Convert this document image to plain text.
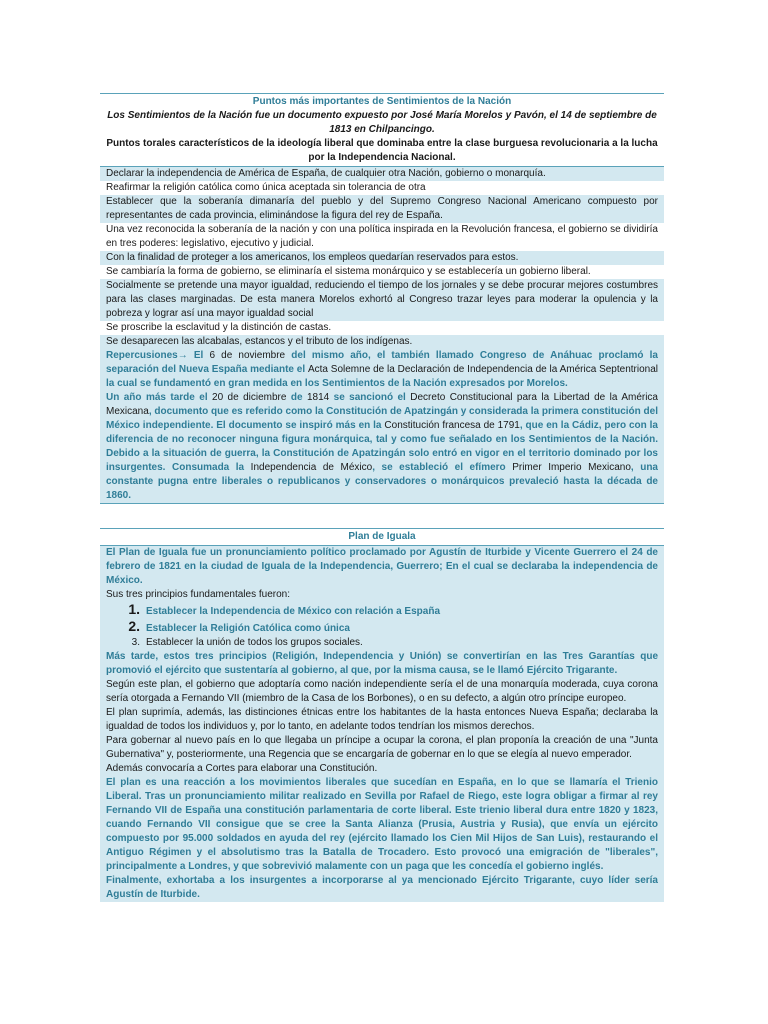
Puntos más importantes de Sentimientos de la Nación
Los Sentimientos de la Nación fue un documento expuesto por José María Morelos y Pavón, el 14 de septiembre de 1813 en Chilpancingo.
Puntos torales característicos de la ideología liberal que dominaba entre la clase burguesa revolucionaria a la lucha por la Independencia Nacional.
Declarar la independencia de América de España, de cualquier otra Nación, gobierno o monarquía.
Reafirmar la religión católica como única aceptada sin tolerancia de otra
Establecer que la soberanía dimanaría del pueblo y del Supremo Congreso Nacional Americano compuesto por representantes de cada provincia, eliminándose la figura del rey de España.
Una vez reconocida la soberanía de la nación y con una política inspirada en la Revolución francesa, el gobierno se dividiría en tres poderes: legislativo, ejecutivo y judicial.
Con la finalidad de proteger a los americanos, los empleos quedarían reservados para estos.
Se cambiaría la forma de gobierno, se eliminaría el sistema monárquico y se establecería un gobierno liberal.
Socialmente se pretende una mayor igualdad, reduciendo el tiempo de los jornales y se debe procurar mejores costumbres para las clases marginadas. De esta manera Morelos exhortó al Congreso trazar leyes para moderar la opulencia y la pobreza y lograr así una mayor igualdad social
Se proscribe la esclavitud y la distinción de castas.
Se desaparecen las alcabalas, estancos y el tributo de los indígenas.
Repercusiones→ El 6 de noviembre del mismo año, el también llamado Congreso de Anáhuac proclamó la separación del Nueva España mediante el Acta Solemne de la Declaración de Independencia de la América Septentrional la cual se fundamentó en gran medida en los Sentimientos de la Nación expresados por Morelos.
Un año más tarde el 20 de diciembre de 1814 se sancionó el Decreto Constitucional para la Libertad de la América Mexicana, documento que es referido como la Constitución de Apatzingán y considerada la primera constitución del México independiente. El documento se inspiró más en la Constitución francesa de 1791, que en la Cádiz, pero con la diferencia de no reconocer ninguna figura monárquica, tal y como fue señalado en los Sentimientos de la Nación. Debido a la situación de guerra, la Constitución de Apatzingán solo entró en vigor en el territorio dominado por los insurgentes. Consumada la Independencia de México, se estableció el efímero Primer Imperio Mexicano, una constante pugna entre liberales o republicanos y conservadores o monárquicos prevaleció hasta la década de 1860.
Plan de Iguala
El Plan de Iguala fue un pronunciamiento político proclamado por Agustín de Iturbide y Vicente Guerrero el 24 de febrero de 1821 en la ciudad de Iguala de la Independencia, Guerrero; En el cual se declaraba la independencia de México.
Sus tres principios fundamentales fueron:
1. Establecer la Independencia de México con relación a España
2. Establecer la Religión Católica como única
3. Establecer la unión de todos los grupos sociales.
Más tarde, estos tres principios (Religión, Independencia y Unión) se convertirían en las Tres Garantías que promovió el ejército que sustentaría al gobierno, al que, por la misma causa, se le llamó Ejército Trigarante.
Según este plan, el gobierno que adoptaría como nación independiente sería el de una monarquía moderada, cuya corona sería otorgada a Fernando VII (miembro de la Casa de los Borbones), o en su defecto, a algún otro príncipe europeo.
El plan suprimía, además, las distinciones étnicas entre los habitantes de la hasta entonces Nueva España; declaraba la igualdad de todos los individuos y, por lo tanto, en adelante todos tendrían los mismos derechos.
Para gobernar al nuevo país en lo que llegaba un príncipe a ocupar la corona, el plan proponía la creación de una "Junta Gubernativa" y, posteriormente, una Regencia que se encargaría de gobernar en lo que se elegía al nuevo emperador.
Además convocaría a Cortes para elaborar una Constitución.
El plan es una reacción a los movimientos liberales que sucedían en España, en lo que se llamaría el Trienio Liberal. Tras un pronunciamiento militar realizado en Sevilla por Rafael de Riego, este logra obligar a firmar al rey Fernando VII de España una constitución parlamentaria de corte liberal. Este trienio liberal dura entre 1820 y 1823, cuando Fernando VII consigue que se cree la Santa Alianza (Prusia, Austria y Rusia), que envía un ejército compuesto por 95.000 soldados en ayuda del rey (ejército llamado los Cien Mil Hijos de San Luis), restaurando el Antiguo Régimen y el absolutismo tras la Batalla de Trocadero. Esto provocó una emigración de "liberales", principalmente a Londres, y que sobrevivió malamente con un paga que les concedía el gobierno inglés.
Finalmente, exhortaba a los insurgentes a incorporarse al ya mencionado Ejército Trigarante, cuyo líder sería Agustín de Iturbide.
